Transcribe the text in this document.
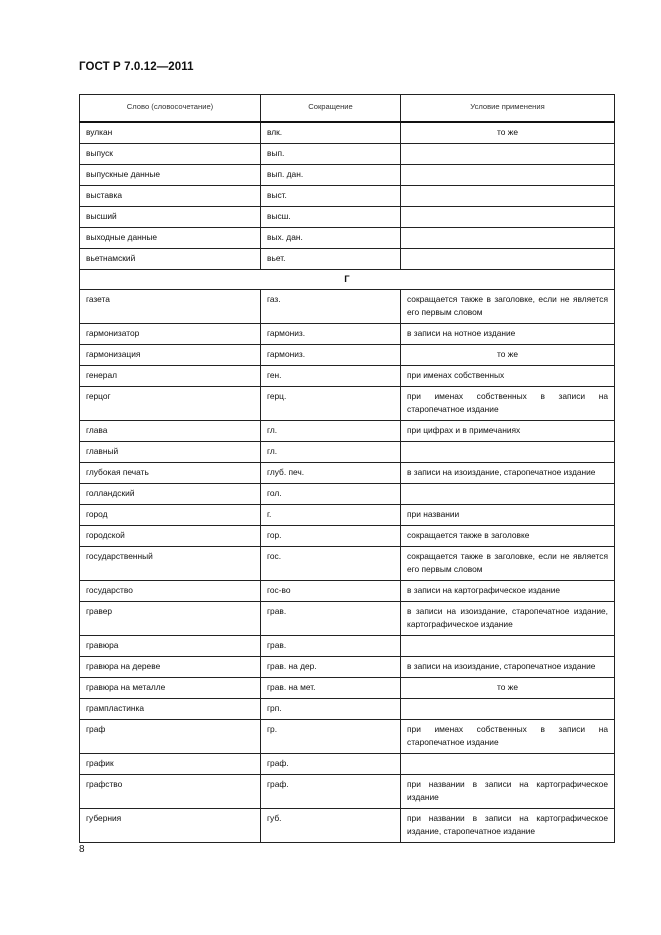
ГОСТ Р 7.0.12—2011
Слово (словосочетание)	Сокращение	Условие применения
вулкан	влк.	то же
выпуск	вып.	
выпускные данные	вып. дан.	
выставка	выст.	
высший	высш.	
выходные данные	вых. дан.	
вьетнамский	вьет.	
Г		
газета	газ.	сокращается также в заголовке, если не является его первым словом
гармонизатор	гармониз.	в записи на нотное издание
гармонизация	гармониз.	то же
генерал	ген.	при именах собственных
герцог	герц.	при именах собственных в записи на старопечатное издание
глава	гл.	при цифрах и в примечаниях
главный	гл.	
глубокая печать	глуб. печ.	в записи на изоиздание, старопечатное издание
голландский	гол.	
город	г.	при названии
городской	гор.	сокращается также в заголовке
государственный	гос.	сокращается также в заголовке, если не является его первым словом
государство	гос-во	в записи на картографическое издание
гравер	грав.	в записи на изоиздание, старопечатное издание, картографическое издание
гравюра	грав.	
гравюра на дереве	грав. на дер.	в записи на изоиздание, старопечатное издание
гравюра на металле	грав. на мет.	то же
грампластинка	грп.	
граф	гр.	при именах собственных в записи на старопечатное издание
график	граф.	
графство	граф.	при названии в записи на картографическое издание
губерния	губ.	при названии в записи на картографическое издание, старопечатное издание
8
